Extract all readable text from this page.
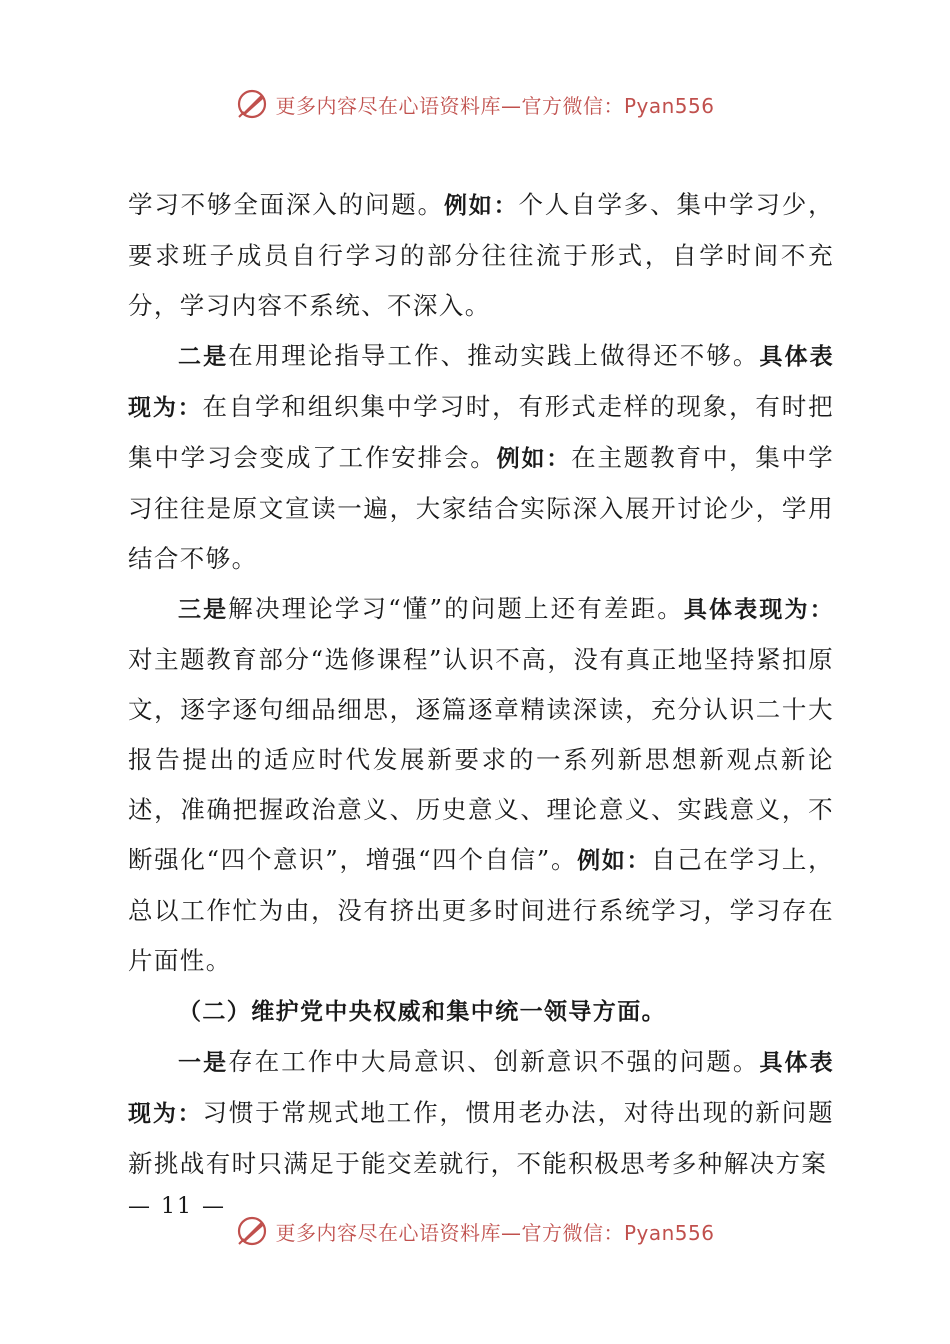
更多内容尽在心语资料库—官方微信：Pyan556

学习不够全面深入的问题。例如：个人自学多、集中学习少，要求班子成员自行学习的部分往往流于形式，自学时间不充分，学习内容不系统、不深入。

二是在用理论指导工作、推动实践上做得还不够。具体表现为：在自学和组织集中学习时，有形式走样的现象，有时把集中学习会变成了工作安排会。例如：在主题教育中，集中学习往往是原文宣读一遍，大家结合实际深入展开讨论少，学用结合不够。

三是解决理论学习“懂”的问题上还有差距。具体表现为：对主题教育部分“选修课程”认识不高，没有真正地坚持紧扣原文，逐字逐句细品细思，逐篇逐章精读深读，充分认识二十大报告提出的适应时代发展新要求的一系列新思想新观点新论述，准确把握政治意义、历史意义、理论意义、实践意义，不断强化“四个意识”，增强“四个自信”。例如：自己在学习上，总以工作忙为由，没有挤出更多时间进行系统学习，学习存在片面性。

（二）维护党中央权威和集中统一领导方面。

一是存在工作中大局意识、创新意识不强的问题。具体表现为：习惯于常规式地工作，惯用老办法，对待出现的新问题新挑战有时只满足于能交差就行，不能积极思考多种解决方案

— 11 —
更多内容尽在心语资料库—官方微信：Pyan556
